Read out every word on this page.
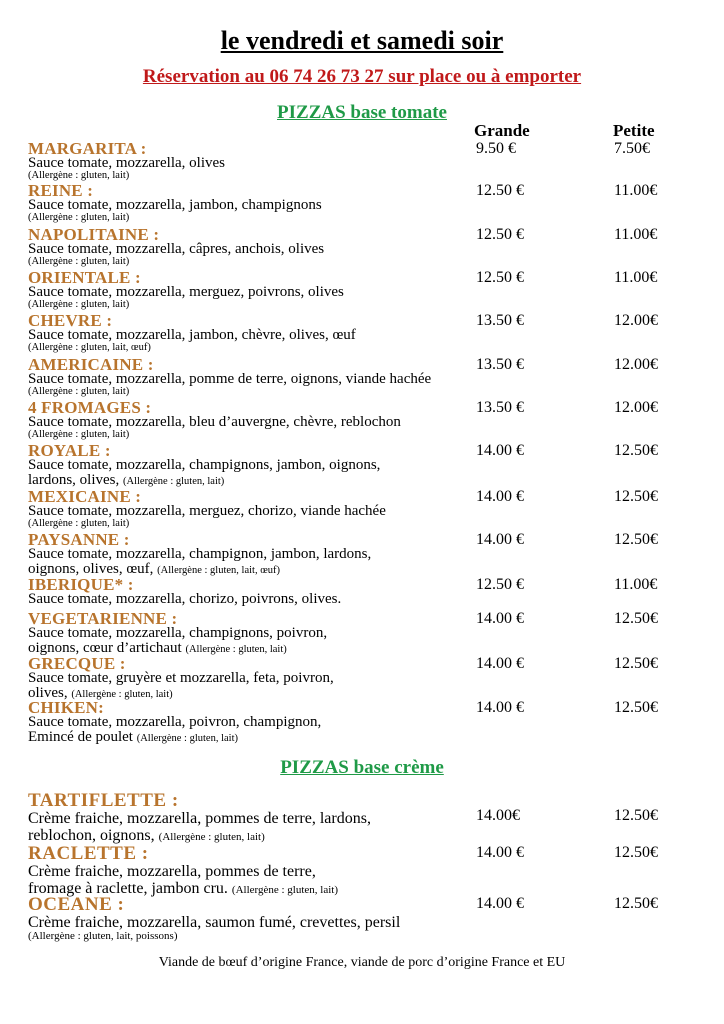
le vendredi et samedi soir
Réservation au 06 74 26 73 27 sur place ou à emporter
PIZZAS base tomate
Grande	Petite
MARGARITA :
Sauce tomate, mozzarella, olives
(Allergène : gluten, lait)
9.50 €	7.50€
REINE :
Sauce tomate, mozzarella, jambon, champignons
(Allergène : gluten, lait)
12.50 €	11.00€
NAPOLITAINE :
Sauce tomate, mozzarella, câpres, anchois, olives
(Allergène : gluten, lait)
12.50 €	11.00€
ORIENTALE :
Sauce tomate, mozzarella, merguez, poivrons, olives
(Allergène : gluten, lait)
12.50 €	11.00€
CHEVRE :
Sauce tomate, mozzarella, jambon, chèvre, olives, œuf
(Allergène : gluten, lait, œuf)
13.50 €	12.00€
AMERICAINE :
Sauce tomate, mozzarella, pomme de terre, oignons, viande hachée
(Allergène : gluten, lait)
13.50 €	12.00€
4 FROMAGES :
Sauce tomate, mozzarella, bleu d’auvergne, chèvre, reblochon
(Allergène : gluten, lait)
13.50 €	12.00€
ROYALE :
Sauce tomate, mozzarella, champignons, jambon, oignons,
lardons, olives, (Allergène : gluten, lait)
14.00 €	12.50€
MEXICAINE :
Sauce tomate, mozzarella, merguez, chorizo, viande hachée
(Allergène : gluten, lait)
14.00 €	12.50€
PAYSANNE :
Sauce tomate, mozzarella, champignon, jambon, lardons,
oignons, olives, œuf, (Allergène : gluten, lait, œuf)
14.00 €	12.50€
IBERIQUE* :
Sauce tomate, mozzarella, chorizo, poivrons, olives.
12.50 €	11.00€
VEGETARIENNE :
Sauce tomate, mozzarella, champignons, poivron,
oignons, cœur d’artichaut (Allergène : gluten, lait)
14.00 €	12.50€
GRECQUE :
Sauce tomate, gruyère et mozzarella, feta, poivron,
olives, (Allergène : gluten, lait)
14.00 €	12.50€
CHIKEN:
Sauce tomate, mozzarella, poivron, champignon,
Emincé de poulet (Allergène : gluten, lait)
14.00 €	12.50€
PIZZAS base crème
TARTIFLETTE :
Crème fraiche, mozzarella, pommes de terre, lardons,
reblochon, oignons, (Allergène : gluten, lait)
14.00€	12.50€
RACLETTE :
Crème fraiche, mozzarella, pommes de terre,
fromage à raclette, jambon cru. (Allergène : gluten, lait)
14.00 €	12.50€
OCEANE :
Crème fraiche, mozzarella, saumon fumé, crevettes, persil
(Allergène : gluten, lait, poissons)
14.00 €	12.50€
Viande de bœuf d’origine France, viande de porc d’origine France et EU
